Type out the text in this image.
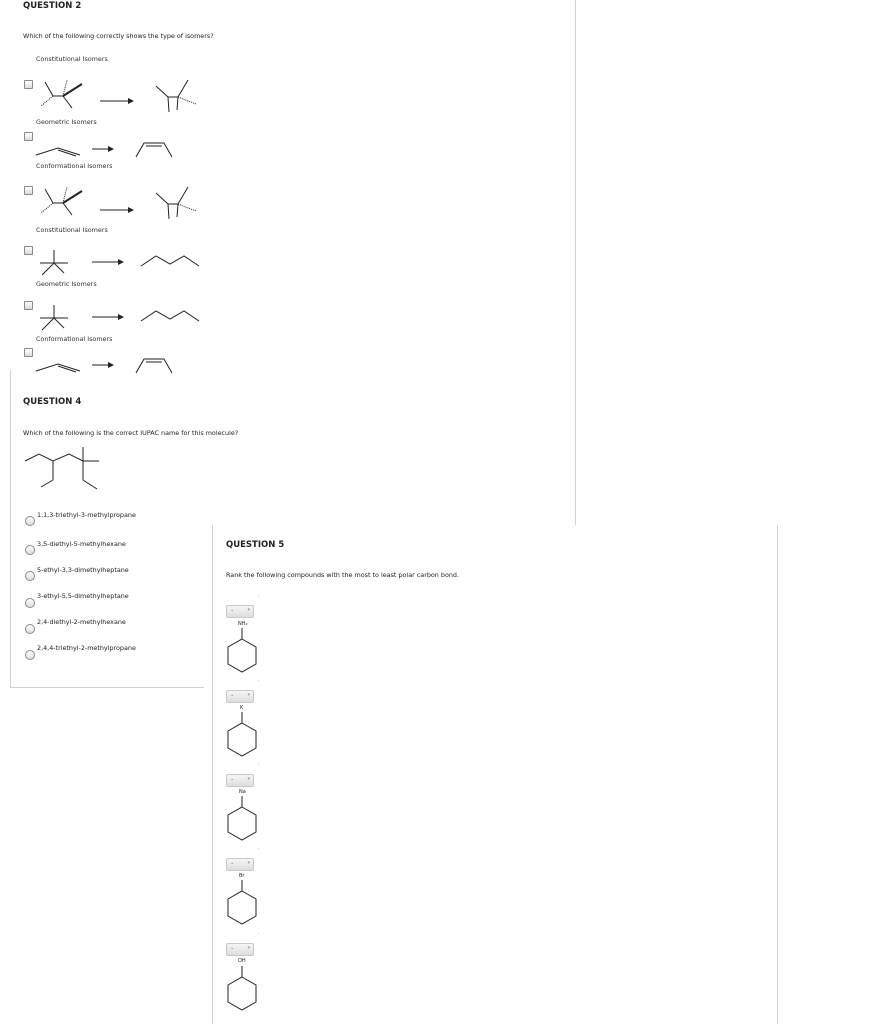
QUESTION 2
Which of the following correctly shows the type of isomers?
Constitutional Isomers
Geometric Isomers
Conformational Isomers
Constitutional Isomers
Geometric Isomers
Conformational Isomers
QUESTION 4
Which of the following is the correct IUPAC name for this molecule?
1,1,3-triethyl-3-methylpropane
3,5-diethyl-5-methylhexane
5-ethyl-3,3-dimethylheptane
3-ethyl-5,5-dimethylheptane
2,4-diethyl-2-methylhexane
2,4,4-triethyl-2-methylpropane
QUESTION 5
Rank the following compounds with the most to least polar carbon bond.
-	▾
.
NH₂
-	▾
.
K
-	▾
.
Na
-	▾
.
Br
-	▾
.
OH
